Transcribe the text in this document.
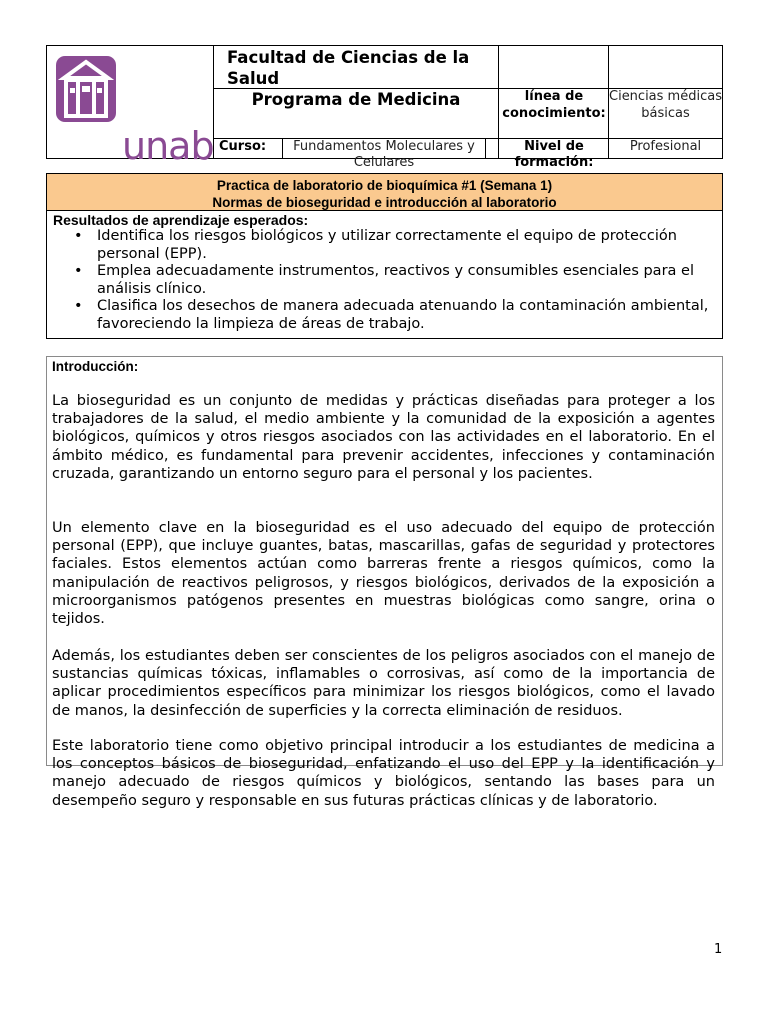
unab
Facultad de Ciencias de la Salud
Programa de Medicina	línea de conocimiento:
Ciencias médicas básicas
Curso:	Fundamentos Moleculares y Celulares
Nivel de formación:
Profesional
Practica de laboratorio de bioquímica #1 (Semana 1)
Normas de bioseguridad e introducción al laboratorio
Resultados de aprendizaje esperados:
• Identifica los riesgos biológicos y utilizar correctamente el equipo de protección personal (EPP).
• Emplea adecuadamente instrumentos, reactivos y consumibles esenciales para el análisis clínico.
• Clasifica los desechos de manera adecuada atenuando la contaminación ambiental, favoreciendo la limpieza de áreas de trabajo.
Introducción:

La bioseguridad es un conjunto de medidas y prácticas diseñadas para proteger a los trabajadores de la salud, el medio ambiente y la comunidad de la exposición a agentes biológicos, químicos y otros riesgos asociados con las actividades en el laboratorio. En el ámbito médico, es fundamental para prevenir accidentes, infecciones y contaminación cruzada, garantizando un entorno seguro para el personal y los pacientes.

Un elemento clave en la bioseguridad es el uso adecuado del equipo de protección personal (EPP), que incluye guantes, batas, mascarillas, gafas de seguridad y protectores faciales. Estos elementos actúan como barreras frente a riesgos químicos, como la manipulación de reactivos peligrosos, y riesgos biológicos, derivados de la exposición a microorganismos patógenos presentes en muestras biológicas como sangre, orina o tejidos.

Además, los estudiantes deben ser conscientes de los peligros asociados con el manejo de sustancias químicas tóxicas, inflamables o corrosivas, así como de la importancia de aplicar procedimientos específicos para minimizar los riesgos biológicos, como el lavado de manos, la desinfección de superficies y la correcta eliminación de residuos.

Este laboratorio tiene como objetivo principal introducir a los estudiantes de medicina a los conceptos básicos de bioseguridad, enfatizando el uso del EPP y la identificación y manejo adecuado de riesgos químicos y biológicos, sentando las bases para un desempeño seguro y responsable en sus futuras prácticas clínicas y de laboratorio.

1
